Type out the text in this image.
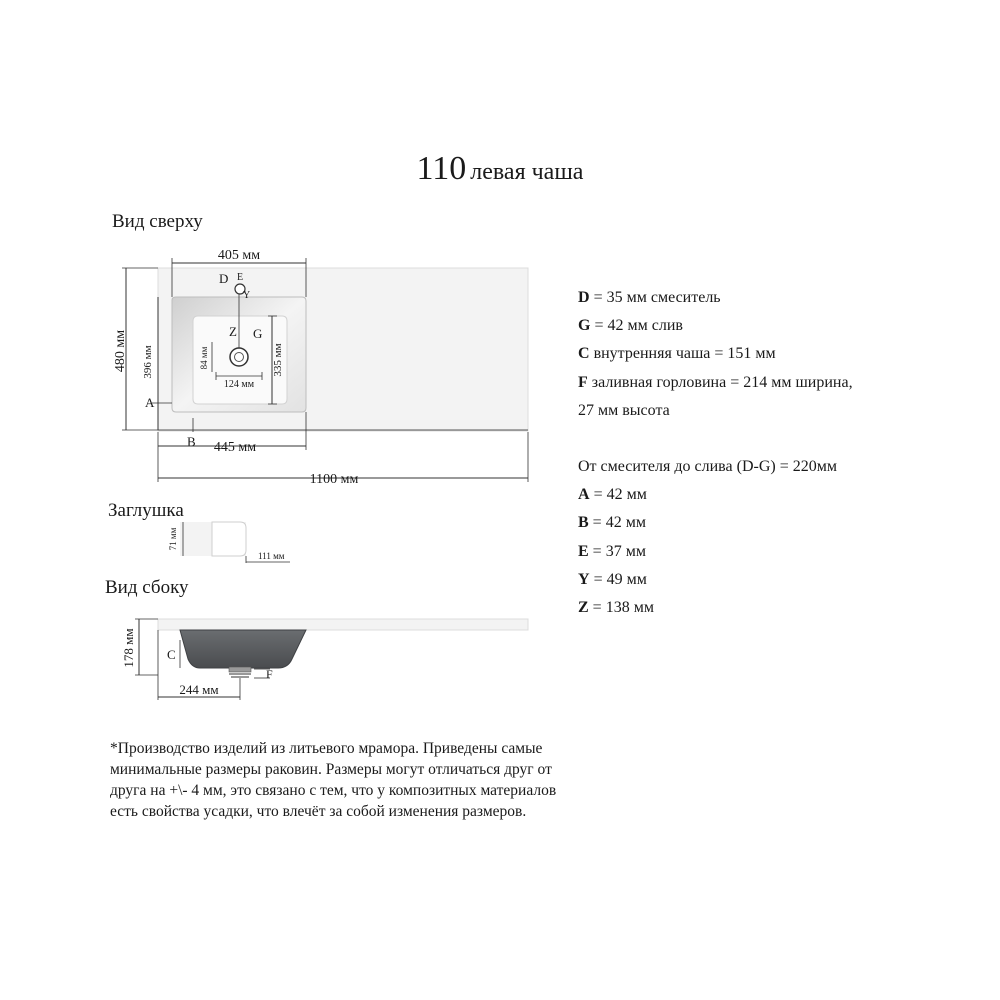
110 левая чаша
Вид сверху
Заглушка
Вид сбоку
405 мм
480 мм 396 мм	335 мм
84 мм
124 мм
Z G
D E
Y
A
B 445 мм
1100 мм
71 мм
111 мм
178 мм C
F
244 мм
D = 35 мм смеситель
G = 42 мм слив
C внутренняя чаша = 151 мм
F заливная горловина = 214 мм ширина,
27 мм высота
От смесителя до слива (D-G) = 220мм
A = 42 мм
B = 42 мм
E = 37 мм
Y = 49 мм
Z = 138 мм
*Производство изделий из литьевого мрамора. Приведены самые минимальные размеры раковин. Размеры могут отличаться друг от друга на +\- 4 мм, это связано с тем, что у композитных материалов есть свойства усадки, что влечёт за собой изменения размеров.
